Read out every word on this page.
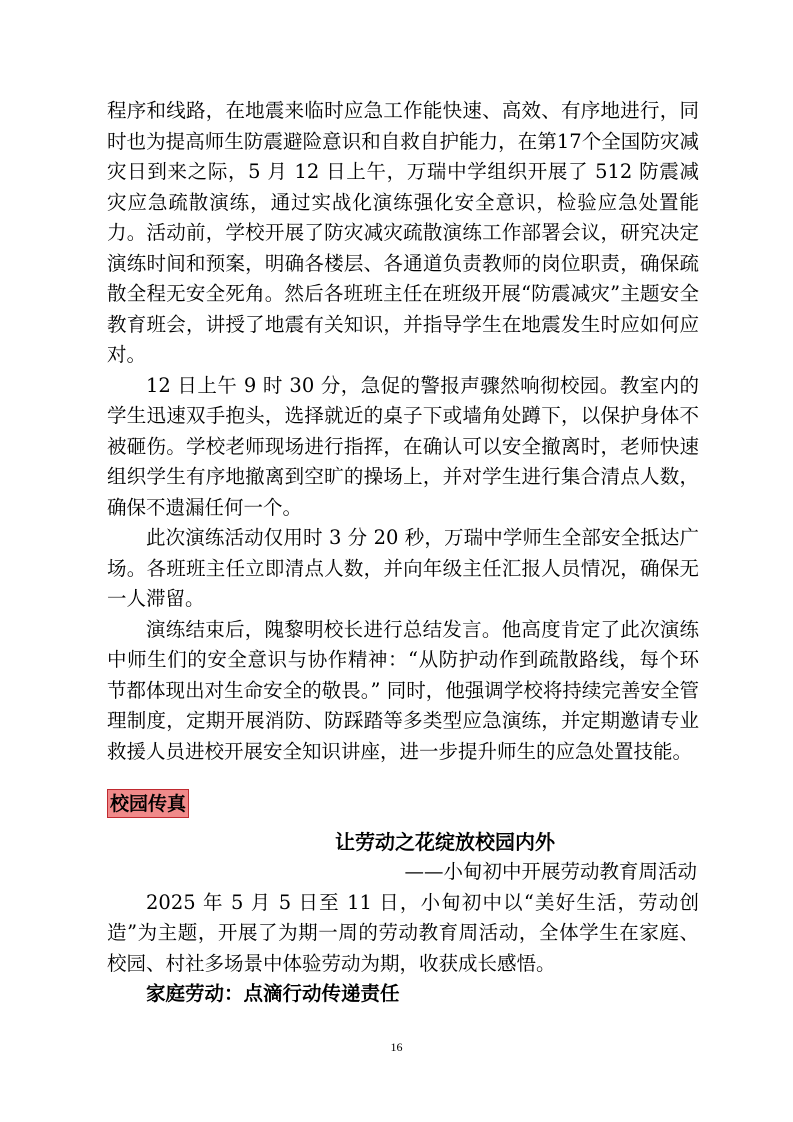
程序和线路，在地震来临时应急工作能快速、高效、有序地进行，同时也为提高师生防震避险意识和自救自护能力，在第17个全国防灾减灾日到来之际，5 月 12 日上午，万瑞中学组织开展了 512 防震减灾应急疏散演练，通过实战化演练强化安全意识，检验应急处置能力。活动前，学校开展了防灾减灾疏散演练工作部署会议，研究决定演练时间和预案，明确各楼层、各通道负责教师的岗位职责，确保疏散全程无安全死角。然后各班班主任在班级开展“防震减灾”主题安全教育班会，讲授了地震有关知识，并指导学生在地震发生时应如何应对。

12 日上午 9 时 30 分，急促的警报声骤然响彻校园。教室内的学生迅速双手抱头，选择就近的桌子下或墙角处蹲下，以保护身体不被砸伤。学校老师现场进行指挥，在确认可以安全撤离时，老师快速组织学生有序地撤离到空旷的操场上，并对学生进行集合清点人数，确保不遗漏任何一个。

此次演练活动仅用时 3 分 20 秒，万瑞中学师生全部安全抵达广场。各班班主任立即清点人数，并向年级主任汇报人员情况，确保无一人滞留。

演练结束后，隗黎明校长进行总结发言。他高度肯定了此次演练中师生们的安全意识与协作精神：“从防护动作到疏散路线，每个环节都体现出对生命安全的敬畏。” 同时，他强调学校将持续完善安全管理制度，定期开展消防、防踩踏等多类型应急演练，并定期邀请专业救援人员进校开展安全知识讲座，进一步提升师生的应急处置技能。

校园传真
让劳动之花绽放校园内外

——小甸初中开展劳动教育周活动

2025 年 5 月 5 日至 11 日，小甸初中以“美好生活，劳动创造”为主题，开展了为期一周的劳动教育周活动，全体学生在家庭、校园、村社多场景中体验劳动为期，收获成长感悟。

家庭劳动：点滴行动传递责任

16
